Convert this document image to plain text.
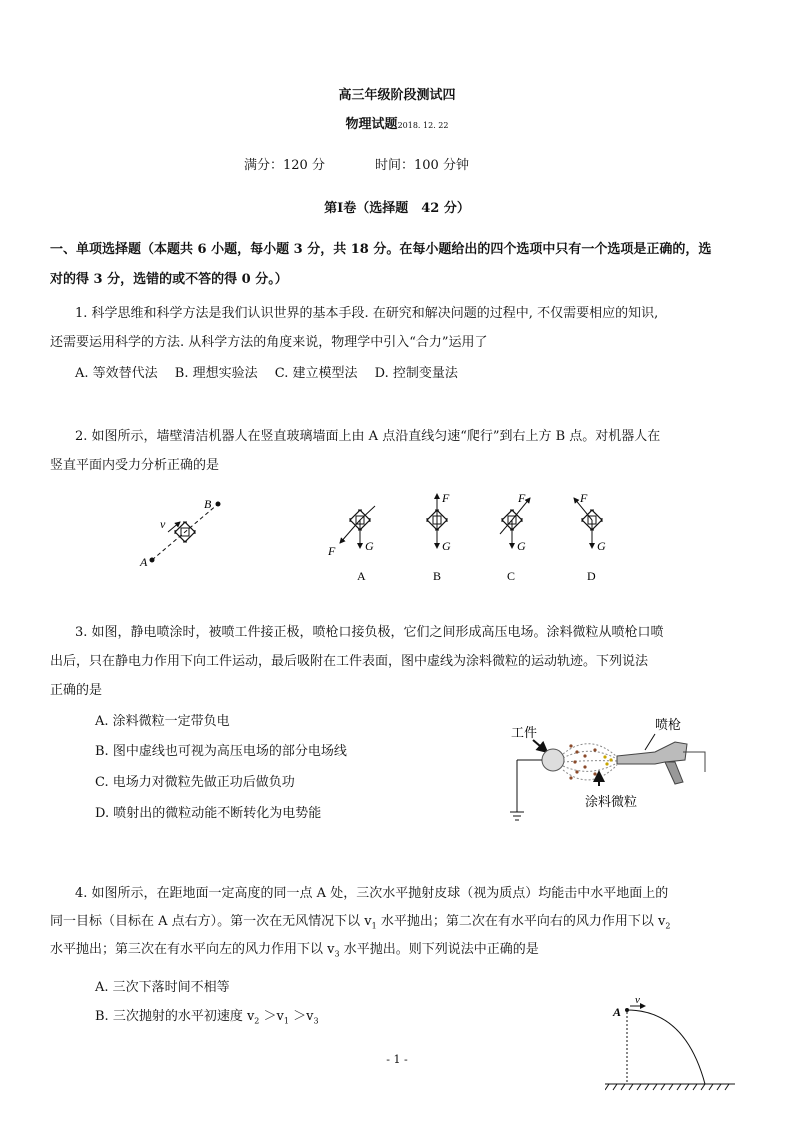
高三年级阶段测试四
物理试题2018. 12. 22
满分：120 分	时间：100 分钟
第Ⅰ卷（选择题　42 分）
一、单项选择题（本题共 6 小题，每小题 3 分，共 18 分。在每小题给出的四个选项中只有一个选项是正确的，选
对的得 3 分，选错的或不答的得 0 分。）
1. 科学思维和科学方法是我们认识世界的基本手段. 在研究和解决问题的过程中, 不仅需要相应的知识,
还需要运用科学的方法. 从科学方法的角度来说，物理学中引入“合力”运用了
A. 等效替代法　 B. 理想实验法　 C. 建立模型法　 D. 控制变量法
2. 如图所示，墙壁清洁机器人在竖直玻璃墙面上由 A 点沿直线匀速“爬行”到右上方 B 点。对机器人在
竖直平面内受力分析正确的是
v
A
B
F G
A
F
G
B
F
G
C
F
G
D
3. 如图，静电喷涂时，被喷工件接正极，喷枪口接负极，它们之间形成高压电场。涂料微粒从喷枪口喷
出后，只在静电力作用下向工件运动，最后吸附在工件表面，图中虚线为涂料微粒的运动轨迹。下列说法
正确的是
A. 涂料微粒一定带负电
B. 图中虚线也可视为高压电场的部分电场线
C. 电场力对微粒先做正功后做负功
D. 喷射出的微粒动能不断转化为电势能
工件
喷枪
涂料微粒
4. 如图所示，在距地面一定高度的同一点 A 处，三次水平抛射皮球（视为质点）均能击中水平地面上的
同一目标（目标在 A 点右方）。第一次在无风情况下以 $v_1$ 水平抛出；第二次在有水平向右的风力作用下以 $v_2$
水平抛出；第三次在有水平向左的风力作用下以 $v_3$ 水平抛出。则下列说法中正确的是
A. 三次下落时间不相等
B. 三次抛射的水平初速度 $v_2 >v_1 >v_3$
A
v
- 1 -
